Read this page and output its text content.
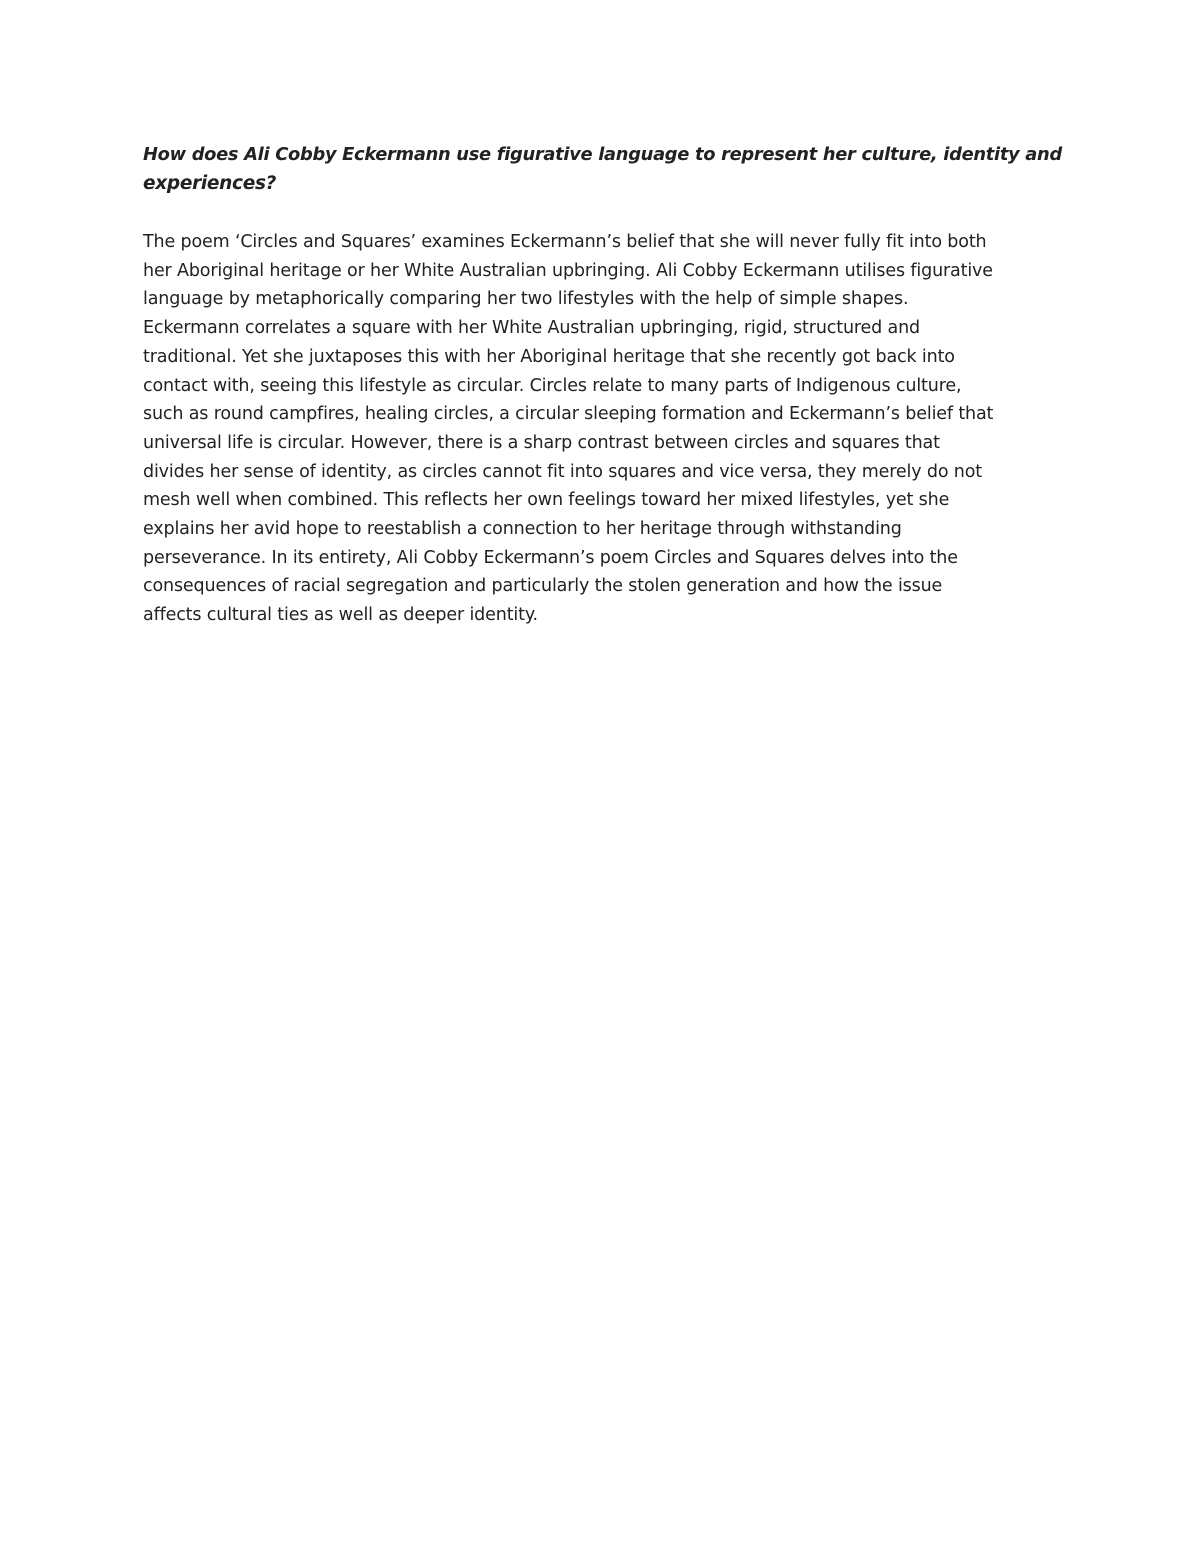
How does Ali Cobby Eckermann use figurative language to represent her culture, identity and
experiences?

The poem ‘Circles and Squares’ examines Eckermann’s belief that she will never fully fit into both
her Aboriginal heritage or her White Australian upbringing. Ali Cobby Eckermann utilises figurative
language by metaphorically comparing her two lifestyles with the help of simple shapes.
Eckermann correlates a square with her White Australian upbringing, rigid, structured and
traditional. Yet she juxtaposes this with her Aboriginal heritage that she recently got back into
contact with, seeing this lifestyle as circular. Circles relate to many parts of Indigenous culture,
such as round campfires, healing circles, a circular sleeping formation and Eckermann’s belief that
universal life is circular. However, there is a sharp contrast between circles and squares that
divides her sense of identity, as circles cannot fit into squares and vice versa, they merely do not
mesh well when combined. This reflects her own feelings toward her mixed lifestyles, yet she
explains her avid hope to reestablish a connection to her heritage through withstanding
perseverance. In its entirety, Ali Cobby Eckermann’s poem Circles and Squares delves into the
consequences of racial segregation and particularly the stolen generation and how the issue
affects cultural ties as well as deeper identity.
